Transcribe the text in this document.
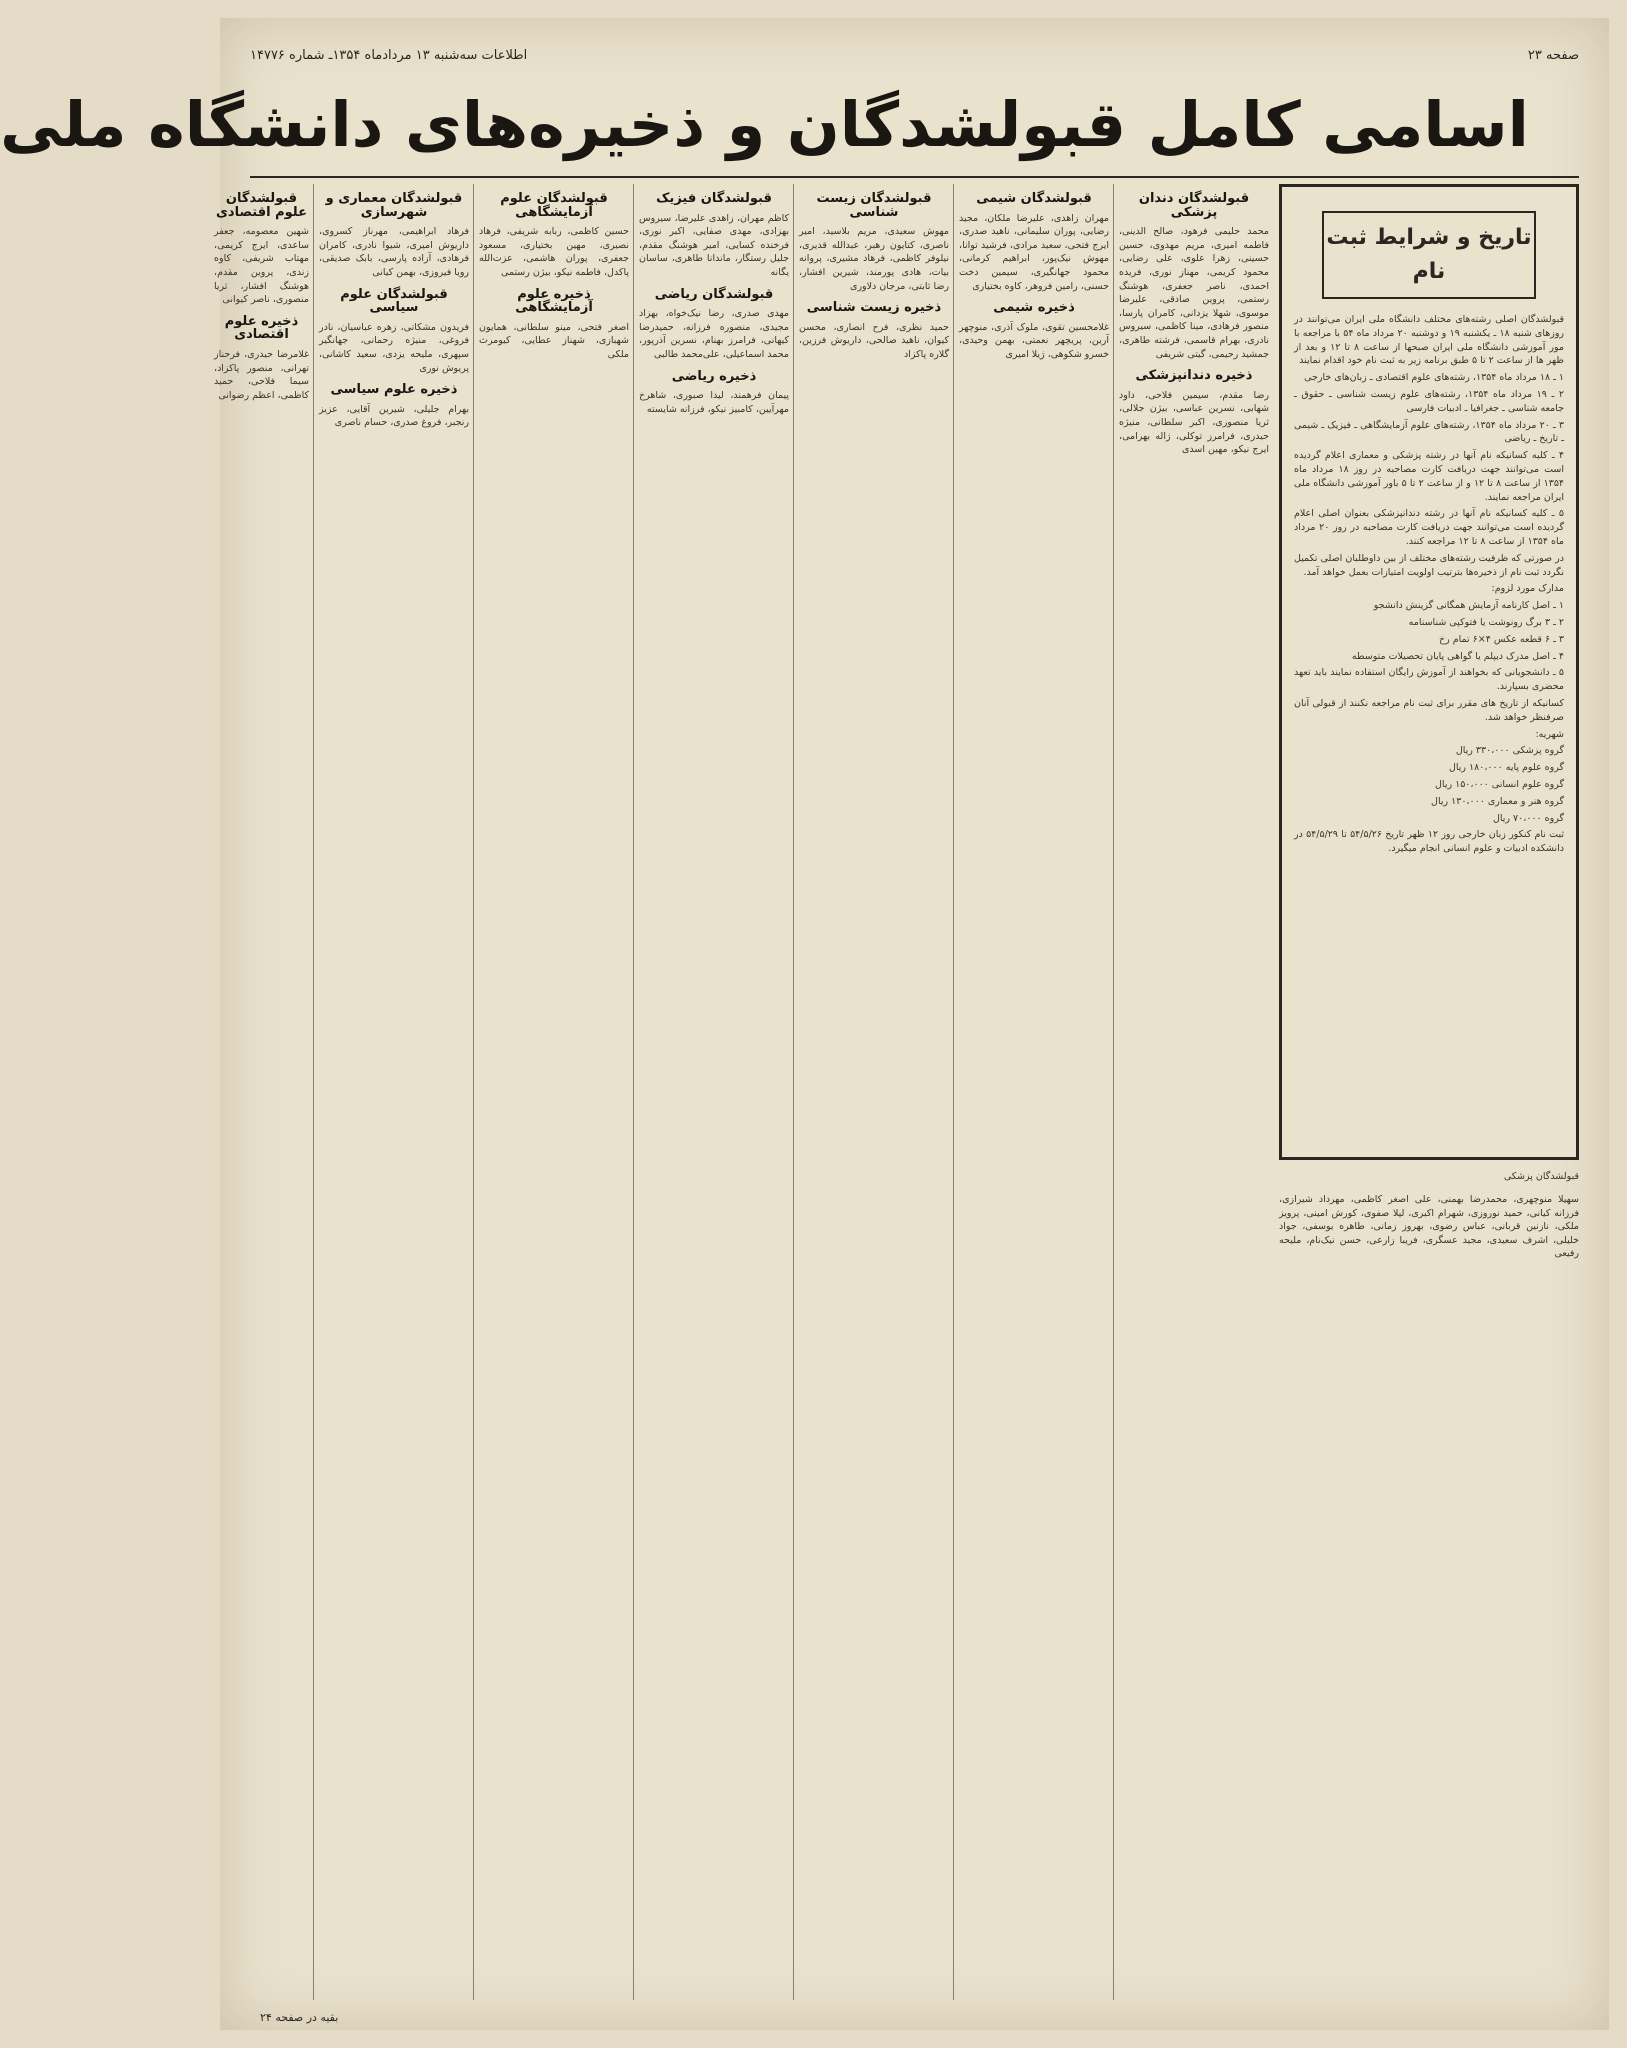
صفحه ۲۳
اطلاعات سه‌شنبه ۱۳ مرداد‌ماه ۱۳۵۴ـ شماره ۱۴۷۷۶
اسامی کامل قبولشدگان و ذخیره‌های دانشگاه ملی
تاریخ و شرایط ثبت نام

قبولشدگان اصلی رشته‌های مختلف دانشگاه ملی ایران می‌توانند در روزهای شنبه ۱۸ ـ یکشنبه ۱۹ و دوشنبه ۲۰ مرداد ماه ۵۴ با مراجعه با مور آموزشی دانشگاه ملی ایران صبحها از ساعت ۸ تا ۱۲ و بعد از ظهر ها از ساعت ۲ تا ۵ طبق برنامه زیر به ثبت نام خود اقدام نمایند

۱ ـ ۱۸ مرداد ماه ۱۳۵۴، رشته‌های علوم اقتصادی ـ زبان‌های خارجی

۲ ـ ۱۹ مرداد ماه ۱۳۵۴، رشته‌های علوم زیست شناسی ـ حقوق ـ جامعه شناسی ـ جغرافیا ـ ادبیات فارسی

۳ ـ ۲۰ مرداد ماه ۱۳۵۴، رشته‌های علوم آزمایشگاهی ـ فیزیک ـ شیمی ـ تاریخ ـ ریاضی

۴ ـ کلیه کسانیکه نام آنها در رشته پزشکی و معماری اعلام گردیده است می‌توانند جهت دریافت کارت مصاحبه در روز ۱۸ مرداد ماه ۱۳۵۴ از ساعت ۸ تا ۱۲ و از ساعت ۲ تا ۵ باور آموزشی دانشگاه ملی ایران مراجعه نمایند.

۵ ـ کلیه کسانیکه نام آنها در رشته دندانپزشکی بعنوان اصلی اعلام گردیده است می‌توانند جهت دریافت کارت مصاحبه در روز ۲۰ مرداد ماه ۱۳۵۴ از ساعت ۸ تا ۱۲ مراجعه کنند.

در صورتی که ظرفیت رشته‌های مختلف از بین داوطلبان اصلی تکمیل نگردد ثبت نام از ذخیره‌ها بترتیب اولویت امتیازات بعمل خواهد آمد.

مدارک مورد لزوم:

۱ ـ اصل کارنامه آزمایش همگانی گزینش دانشجو

۲ ـ ۳ برگ رونوشت یا فتوکپی شناسنامه

۳ ـ ۶ قطعه عکس ۴×۶ تمام رخ

۴ ـ اصل مدرک دیپلم یا گواهی پایان تحصیلات متوسطه

۵ ـ دانشجویانی که بخواهند از آموزش رایگان استفاده نمایند باید تعهد محضری بسپارند.

کسانیکه از تاریخ های مقرر برای ثبت نام مراجعه نکنند از قبولی آنان صرفنظر خواهد شد.

شهریه:

گروه پزشکی ۳۳۰،۰۰۰ ریال

گروه علوم پایه ۱۸۰،۰۰۰ ریال

گروه علوم انسانی ۱۵۰،۰۰۰ ریال

گروه هنر و معماری ۱۳۰،۰۰۰ ریال

گروه ۷۰،۰۰۰ ریال

ثبت نام کنکور زبان خارجی روز ۱۲ ظهر تاریخ ۵۴/۵/۲۶ تا ۵۴/۵/۲۹ در دانشکده ادبیات و علوم انسانی انجام میگیرد.

قبولشدگان پزشکی

سهیلا منوچهری، محمدرضا بهمنی، علی اصغر کاظمی، مهرداد شیرازی، فرزانه کیانی، حمید نوروزی، شهرام اکبری، لیلا صفوی، کورش امینی، پرویز ملکی، نازنین قربانی، عباس رضوی، بهروز زمانی، طاهره یوسفی، جواد خلیلی، اشرف سعیدی، مجید عسگری، فریبا زارعی، حسن نیک‌نام، ملیحه رفیعی

قبولشدگان دندان پزشکی

محمد حلیمی فرهود، صالح الدینی، فاطمه امیری، مریم مهدوی، حسین حسینی، زهرا علوی، علی رضایی، محمود کریمی، مهناز نوری، فریده احمدی، ناصر جعفری، هوشنگ رستمی، پروین صادقی، علیرضا موسوی، شهلا یزدانی، کامران پارسا، منصور فرهادی، مینا کاظمی، سیروس نادری، بهرام قاسمی، فرشته طاهری، جمشید رحیمی، گیتی شریفی

ذخیره دندانپزشکی

رضا مقدم، سیمین فلاحی، داود شهابی، نسرین عباسی، بیژن جلالی، ثریا منصوری، اکبر سلطانی، منیژه حیدری، فرامرز توکلی، ژاله بهرامی، ایرج نیکو، مهین اسدی

قبولشدگان شیمی

مهران زاهدی، علیرضا ملکان، مجید رضایی، پوران سلیمانی، ناهید صدری، ایرج فتحی، سعید مرادی، فرشید توانا، مهوش نیک‌پور، ابراهیم کرمانی، محمود جهانگیری، سیمین دخت حسنی، رامین فروهر، کاوه بختیاری

ذخیره شیمی

غلامحسین تقوی، ملوک آذری، منوچهر آرین، پریچهر نعمتی، بهمن وحیدی، خسرو شکوهی، ژیلا امیری

قبولشدگان زیست شناسی

مهوش سعیدی، مریم بلاسید، امیر ناصری، کتایون رهبر، عبدالله قدیری، نیلوفر کاظمی، فرهاد مشیری، پروانه بیات، هادی پورمند، شیرین افشار، رضا ثابتی، مرجان دلاوری

ذخیره زیست شناسی

حمید نظری، فرح انصاری، محسن کیوان، ناهید صالحی، داریوش فرزین، گلاره پاکزاد

قبولشدگان فیزیک

کاظم مهران، زاهدی علیرضا، سیروس بهزادی، مهدی صفایی، اکبر نوری، فرخنده کسایی، امیر هوشنگ مقدم، جلیل رستگار، ماندانا طاهری، ساسان یگانه

قبولشدگان ریاضی

مهدی صدری، رضا نیک‌خواه، بهزاد مجیدی، منصوره فرزانه، حمیدرضا کیهانی، فرامرز بهنام، نسرین آذرپور، محمد اسماعیلی، علی‌محمد طالبی

ذخیره ریاضی

پیمان فرهمند، لیدا صبوری، شاهرخ مهرآیین، کامبیز نیکو، فرزانه شایسته

قبولشدگان علوم آزمایشگاهی

حسین کاظمی، ربابه شریفی، فرهاد نصیری، مهین بختیاری، مسعود جعفری، پوران هاشمی، عزت‌الله پاکدل، فاطمه نیکو، بیژن رستمی

ذخیره علوم آزمایشگاهی

اصغر فتحی، مینو سلطانی، همایون شهبازی، شهناز عطایی، کیومرث ملکی

قبولشدگان معماری و شهرسازی

فرهاد ابراهیمی، مهرناز کسروی، داریوش امیری، شیوا نادری، کامران فرهادی، آزاده پارسی، بابک صدیقی، رویا فیروزی، بهمن کیانی

قبولشدگان علوم سیاسی

فریدون مشکاتی، زهره عباسیان، نادر فروغی، منیژه رحمانی، جهانگیر سپهری، ملیحه یزدی، سعید کاشانی، پریوش نوری

ذخیره علوم سیاسی

بهرام جلیلی، شیرین آقایی، عزیز رنجبر، فروغ صدری، حسام ناصری

قبولشدگان علوم اقتصادی

شهین معصومه، جعفر ساعدی، ایرج کریمی، مهتاب شریفی، کاوه زندی، پروین مقدم، هوشنگ افشار، ثریا منصوری، ناصر کیوانی

ذخیره علوم اقتصادی

غلامرضا حیدری، فرحناز تهرانی، منصور پاکزاد، سیما فلاحی، حمید کاظمی، اعظم رضوانی

بقیه در صفحه ۲۴
